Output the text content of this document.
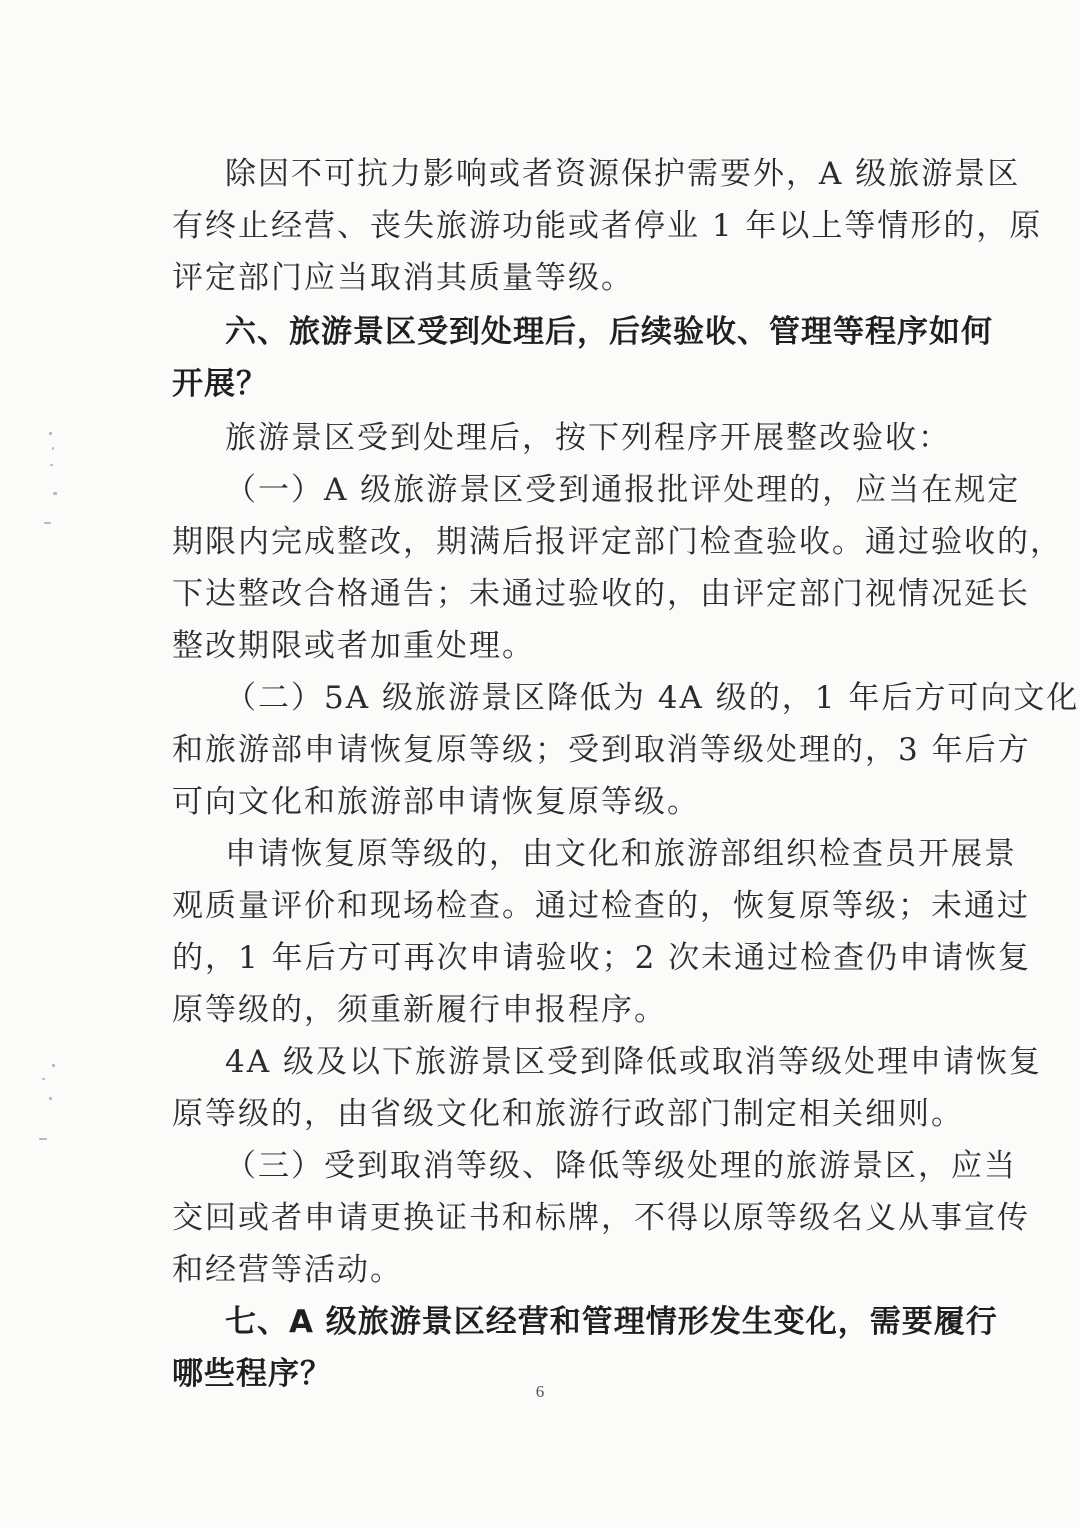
除因不可抗力影响或者资源保护需要外，A 级旅游景区
有终止经营、丧失旅游功能或者停业 1 年以上等情形的，原
评定部门应当取消其质量等级。
六、旅游景区受到处理后，后续验收、管理等程序如何
开展？
旅游景区受到处理后，按下列程序开展整改验收：
（一）A 级旅游景区受到通报批评处理的，应当在规定
期限内完成整改，期满后报评定部门检查验收。通过验收的，
下达整改合格通告；未通过验收的，由评定部门视情况延长
整改期限或者加重处理。
（二）5A 级旅游景区降低为 4A 级的，1 年后方可向文化
和旅游部申请恢复原等级；受到取消等级处理的，3 年后方
可向文化和旅游部申请恢复原等级。
申请恢复原等级的，由文化和旅游部组织检查员开展景
观质量评价和现场检查。通过检查的，恢复原等级；未通过
的，1 年后方可再次申请验收；2 次未通过检查仍申请恢复
原等级的，须重新履行申报程序。
4A 级及以下旅游景区受到降低或取消等级处理申请恢复
原等级的，由省级文化和旅游行政部门制定相关细则。
（三）受到取消等级、降低等级处理的旅游景区，应当
交回或者申请更换证书和标牌，不得以原等级名义从事宣传
和经营等活动。
七、A 级旅游景区经营和管理情形发生变化，需要履行
哪些程序？	6
